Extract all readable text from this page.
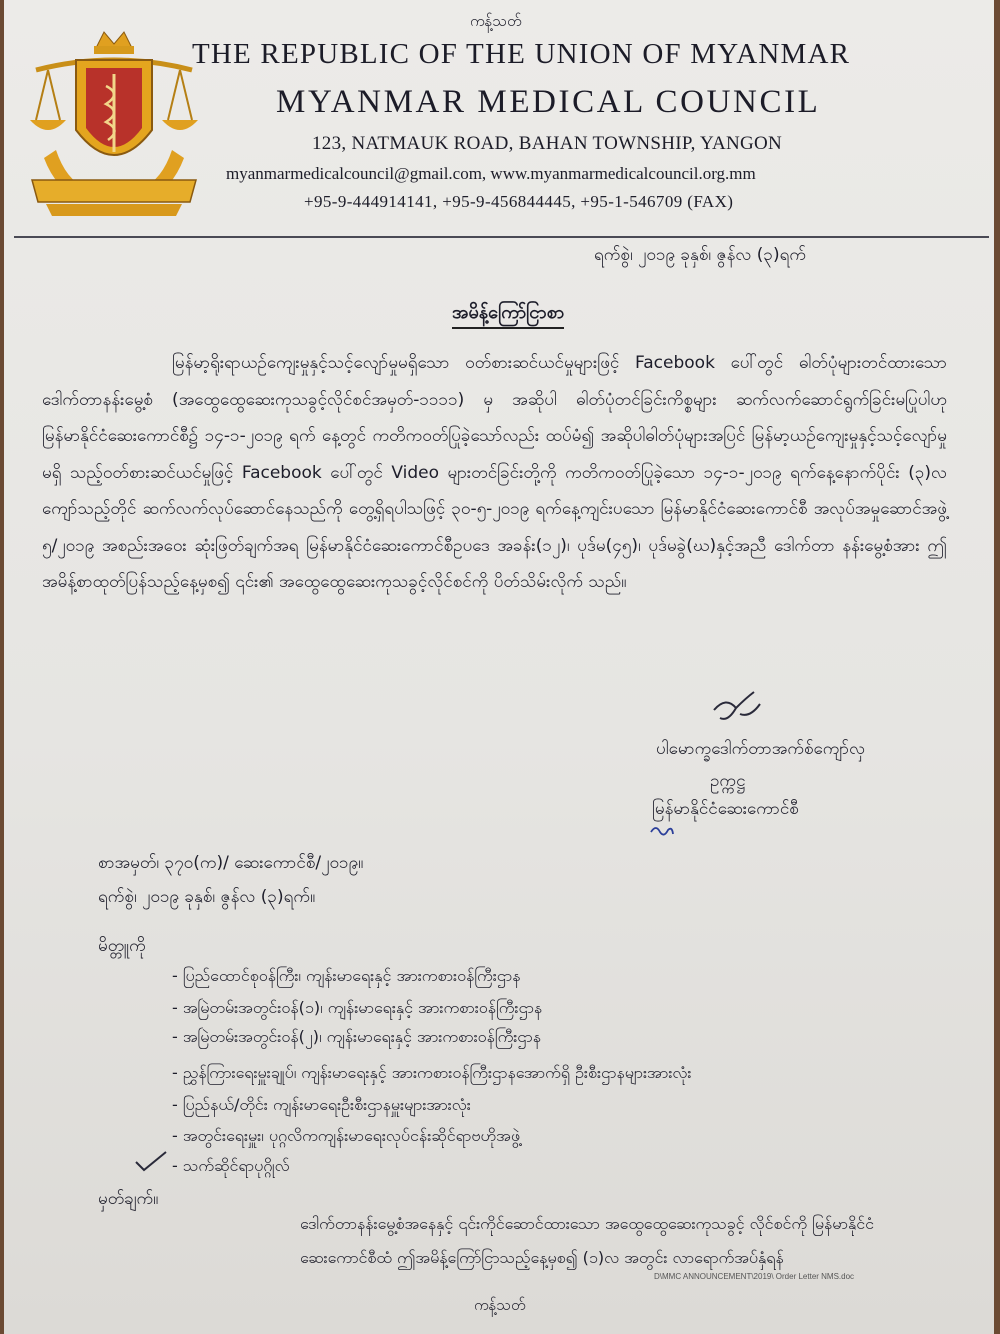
ကန့်သတ်
THE REPUBLIC OF THE UNION OF MYANMAR
MYANMAR MEDICAL COUNCIL
123, NATMAUK ROAD, BAHAN TOWNSHIP, YANGON
myanmarmedicalcouncil@gmail.com, www.myanmarmedicalcouncil.org.mm
+95-9-444914141, +95-9-456844445, +95-1-546709 (FAX)
ရက်စွဲ၊ ၂၀၁၉ ခုနှစ်၊ ဇွန်လ (၃)ရက်
အမိန့်ကြော်ငြာစာ
မြန်မာ့ရိုးရာယဉ်ကျေးမှုနှင့်သင့်လျော်မှုမရှိသော ဝတ်စားဆင်ယင်မှုများဖြင့် Facebook ပေါ်တွင် ဓါတ်ပုံများတင်ထားသော ဒေါက်တာနန်းမွေ့စံ (အထွေထွေဆေးကုသခွင့်လိုင်စင်အမှတ်-၁၁၁၁) မှ အဆိုပါ ဓါတ်ပုံတင်ခြင်းကိစ္စများ ဆက်လက်ဆောင်ရွက်ခြင်းမပြုပါဟု မြန်မာနိုင်ငံဆေးကောင်စီ၌ ၁၄-၁-၂၀၁၉ ရက် နေ့တွင် ကတိကဝတ်ပြုခဲ့သော်လည်း ထပ်မံ၍ အဆိုပါဓါတ်ပုံများအပြင် မြန်မာ့ယဉ်ကျေးမှုနှင့်သင့်လျော်မှုမရှိ သည့်ဝတ်စားဆင်ယင်မှုဖြင့် Facebook ပေါ်တွင် Video များတင်ခြင်းတို့ကို ကတိကဝတ်ပြုခဲ့သော ၁၄-၁-၂၀၁၉ ရက်နေ့နောက်ပိုင်း (၃)လကျော်သည့်တိုင် ဆက်လက်လုပ်ဆောင်နေသည်ကို တွေ့ရှိရပါသဖြင့် ၃၀-၅-၂၀၁၉ ရက်နေ့ကျင်းပသော မြန်မာနိုင်ငံဆေးကောင်စီ အလုပ်အမှုဆောင်အဖွဲ့ ၅/၂၀၁၉ အစည်းအဝေး ဆုံးဖြတ်ချက်အရ မြန်မာနိုင်ငံဆေးကောင်စီဥပဒေ အခန်း(၁၂)၊ ပုဒ်မ(၄၅)၊ ပုဒ်မခွဲ(ဃ)နှင့်အညီ ဒေါက်တာ နန်းမွေ့စံအား ဤအမိန့်စာထုတ်ပြန်သည့်နေ့မှစ၍ ၎င်း၏ အထွေထွေဆေးကုသခွင့်လိုင်စင်ကို ပိတ်သိမ်းလိုက် သည်။
ပါမောက္ခဒေါက်တာအက်စ်ကျော်လှ
ဥက္ကဋ္ဌ
မြန်မာနိုင်ငံဆေးကောင်စီ
စာအမှတ်၊ ၃၇၀(က)/ ဆေးကောင်စီ/၂၀၁၉။
ရက်စွဲ၊ ၂၀၁၉ ခုနှစ်၊ ဇွန်လ (၃)ရက်။
မိတ္တူကို
- ပြည်ထောင်စုဝန်ကြီး၊ ကျန်းမာရေးနှင့် အားကစားဝန်ကြီးဌာန
- အမြဲတမ်းအတွင်းဝန်(၁)၊ ကျန်းမာရေးနှင့် အားကစားဝန်ကြီးဌာန
- အမြဲတမ်းအတွင်းဝန်(၂)၊ ကျန်းမာရေးနှင့် အားကစားဝန်ကြီးဌာန
- ညွှန်ကြားရေးမှူးချုပ်၊ ကျန်းမာရေးနှင့် အားကစားဝန်ကြီးဌာနအောက်ရှိ ဦးစီးဌာနများအားလုံး
- ပြည်နယ်/တိုင်း ကျန်းမာရေးဦးစီးဌာနမှူးများအားလုံး
- အတွင်းရေးမှူး၊ ပုဂ္ဂလိကကျန်းမာရေးလုပ်ငန်းဆိုင်ရာဗဟိုအဖွဲ့
- သက်ဆိုင်ရာပုဂ္ဂိုလ်
မှတ်ချက်။
ဒေါက်တာနန်းမွေ့စံအနေနှင့် ၎င်းကိုင်ဆောင်ထားသော အထွေထွေဆေးကုသခွင့် လိုင်စင်ကို မြန်မာနိုင်ငံဆေးကောင်စီထံ ဤအမိန့်ကြော်ငြာသည့်နေ့မှစ၍ (၁)လ အတွင်း လာရောက်အပ်နှံရန်
D\MMC ANNOUNCEMENT\2019\ Order Letter NMS.doc
ကန့်သတ်
